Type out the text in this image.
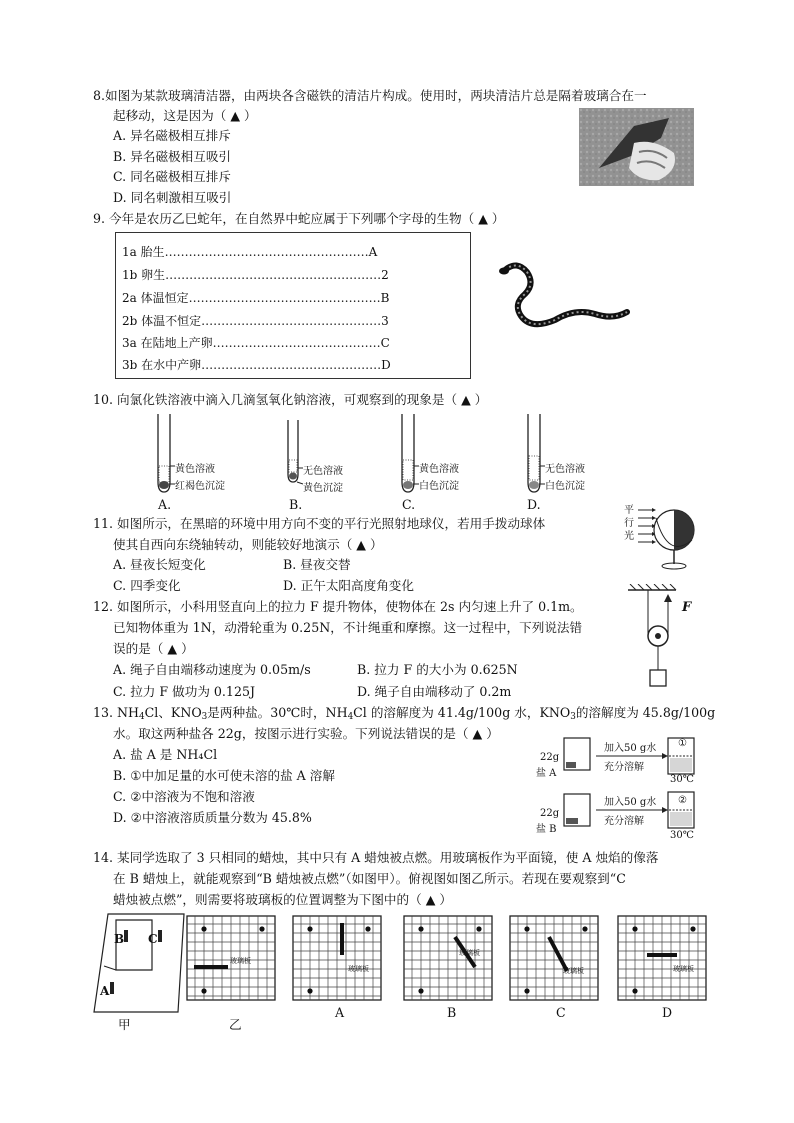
8.如图为某款玻璃清洁器，由两块各含磁铁的清洁片构成。使用时，两块清洁片总是隔着玻璃合在一
起移动，这是因为（ ▲ ）
A. 异名磁极相互排斥
B. 异名磁极相互吸引
C. 同名磁极相互排斥
D. 同名刺激相互吸引
9. 今年是农历乙巳蛇年，在自然界中蛇应属于下列哪个字母的生物（ ▲ ）
1a 胎生……………………………………………A
1b 卵生………………………………………………2
2a 体温恒定…………………………………………B
2b 体温不恒定………………………………………3
3a 在陆地上产卵……………………………………C
3b 在水中产卵………………………………………D
10. 向氯化铁溶液中滴入几滴氢氧化钠溶液，可观察到的现象是（ ▲ ）
黄色溶液
红褐色沉淀
无色溶液
黄色沉淀
黄色溶液
白色沉淀
无色溶液
白色沉淀
A.	B.	C.	D.
11. 如图所示，在黑暗的环境中用方向不变的平行光照射地球仪，若用手拨动球体
使其自西向东绕轴转动，则能较好地演示（ ▲ ）
A. 昼夜长短变化	B. 昼夜交替
C. 四季变化	D. 正午太阳高度角变化
平
行
光
12. 如图所示，小科用竖直向上的拉力 F 提升物体，使物体在 2s 内匀速上升了 0.1m。
已知物体重为 1N，动滑轮重为 0.25N，不计绳重和摩擦。这一过程中，下列说法错
误的是（ ▲ ）
A. 绳子自由端移动速度为 0.05m/s	B. 拉力 F 的大小为 0.625N
C. 拉力 F 做功为 0.125J	D. 绳子自由端移动了 0.2m
F
13. $NH_4Cl$、$KNO_3$是两种盐。30℃时，$NH_4Cl$ 的溶解度为 41.4g/100g 水，$KNO_3$的溶解度为 45.8g/100g
水。取这两种盐各 22g，按图示进行实验。下列说法错误的是（ ▲ ）
A. 盐 A 是 NH₄Cl
B. ①中加足量的水可使未溶的盐 A 溶解
C. ②中溶液为不饱和溶液
D. ②中溶液溶质质量分数为 45.8%
22g
盐 A
加入50 g水
充分溶解
①
30℃
22g
盐 B
加入50 g水
充分溶解
②
30℃
14. 某同学选取了 3 只相同的蜡烛，其中只有 A 蜡烛被点燃。用玻璃板作为平面镜，使 A 烛焰的像落
在 B 蜡烛上，就能观察到“B 蜡烛被点燃”（如图甲）。俯视图如图乙所示。若现在要观察到“C
蜡烛被点燃”，则需要将玻璃板的位置调整为下图中的（ ▲ ）
B C
A
玻璃板
玻璃板
玻璃板
玻璃板	玻璃板
甲	乙
A	B	C	D
